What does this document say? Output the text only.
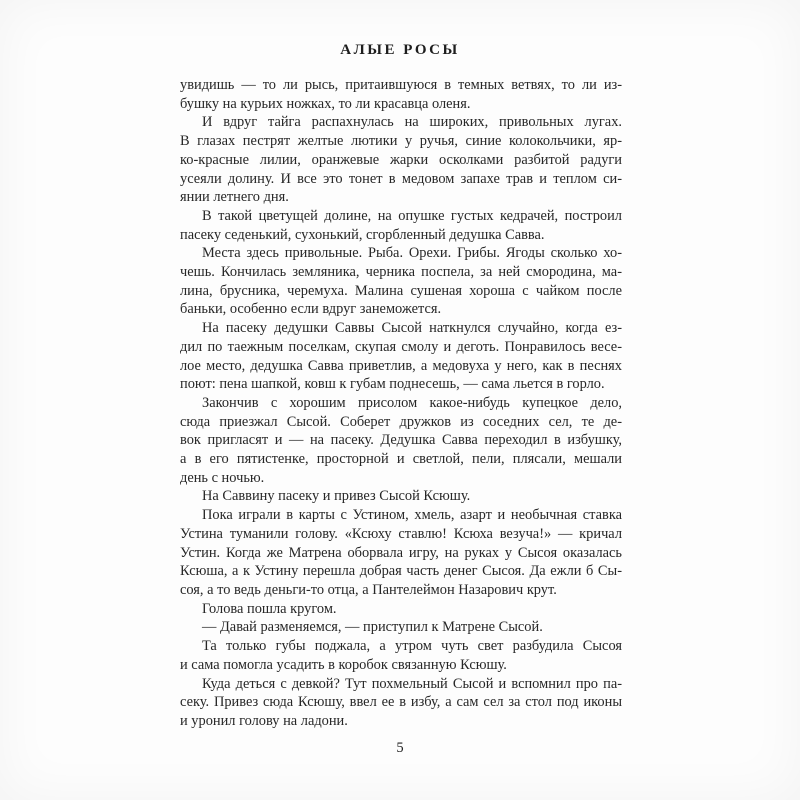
АЛЫЕ РОСЫ
увидишь — то ли рысь, притаившуюся в темных ветвях, то ли из-
бушку на курьих ножках, то ли красавца оленя.
И вдруг тайга распахнулась на широких, привольных лугах.
В глазах пестрят желтые лютики у ручья, синие колокольчики, яр-
ко-красные лилии, оранжевые жарки осколками разбитой радуги
усеяли долину. И все это тонет в медовом запахе трав и теплом си-
янии летнего дня.
В такой цветущей долине, на опушке густых кедрачей, построил
пасеку седенький, сухонький, сгорбленный дедушка Савва.
Места здесь привольные. Рыба. Орехи. Грибы. Ягоды сколько хо-
чешь. Кончилась земляника, черника поспела, за ней смородина, ма-
лина, брусника, черемуха. Малина сушеная хороша с чайком после
баньки, особенно если вдруг занеможется.
На пасеку дедушки Саввы Сысой наткнулся случайно, когда ез-
дил по таежным поселкам, скупая смолу и деготь. Понравилось весе-
лое место, дедушка Савва приветлив, а медовуха у него, как в песнях
поют: пена шапкой, ковш к губам поднесешь, — сама льется в горло.
Закончив с хорошим присолом какое-нибудь купецкое дело,
сюда приезжал Сысой. Соберет дружков из соседних сел, те де-
вок пригласят и — на пасеку. Дедушка Савва переходил в избушку,
а в его пятистенке, просторной и светлой, пели, плясали, мешали
день с ночью.
На Саввину пасеку и привез Сысой Ксюшу.
Пока играли в карты с Устином, хмель, азарт и необычная ставка
Устина туманили голову. «Ксюху ставлю! Ксюха везуча!» — кричал
Устин. Когда же Матрена оборвала игру, на руках у Сысоя оказалась
Ксюша, а к Устину перешла добрая часть денег Сысоя. Да ежли б Сы-
соя, а то ведь деньги-то отца, а Пантелеймон Назарович крут.
Голова пошла кругом.
— Давай разменяемся, — приступил к Матрене Сысой.
Та только губы поджала, а утром чуть свет разбудила Сысоя
и сама помогла усадить в коробок связанную Ксюшу.
Куда деться с девкой? Тут похмельный Сысой и вспомнил про па-
секу. Привез сюда Ксюшу, ввел ее в избу, а сам сел за стол под иконы
и уронил голову на ладони.
5
